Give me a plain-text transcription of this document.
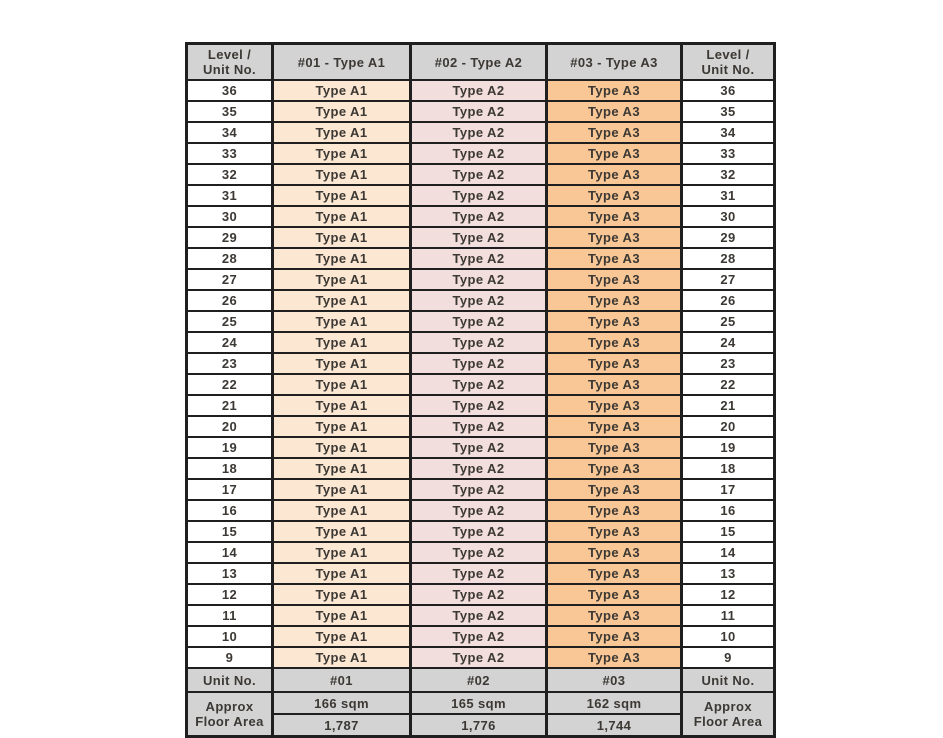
Level /
Unit No.	#01 - Type A1	#02 - Type A2	#03 - Type A3	Level /
Unit No.

36	Type A1	Type A2	Type A3	36
35	Type A1	Type A2	Type A3	35
34	Type A1	Type A2	Type A3	34
33	Type A1	Type A2	Type A3	33
32	Type A1	Type A2	Type A3	32
31	Type A1	Type A2	Type A3	31
30	Type A1	Type A2	Type A3	30
29	Type A1	Type A2	Type A3	29
28	Type A1	Type A2	Type A3	28
27	Type A1	Type A2	Type A3	27
26	Type A1	Type A2	Type A3	26
25	Type A1	Type A2	Type A3	25
24	Type A1	Type A2	Type A3	24
23	Type A1	Type A2	Type A3	23
22	Type A1	Type A2	Type A3	22
21	Type A1	Type A2	Type A3	21
20	Type A1	Type A2	Type A3	20
19	Type A1	Type A2	Type A3	19
18	Type A1	Type A2	Type A3	18
17	Type A1	Type A2	Type A3	17
16	Type A1	Type A2	Type A3	16
15	Type A1	Type A2	Type A3	15
14	Type A1	Type A2	Type A3	14
13	Type A1	Type A2	Type A3	13
12	Type A1	Type A2	Type A3	12
11	Type A1	Type A2	Type A3	11
10	Type A1	Type A2	Type A3	10
9	Type A1	Type A2	Type A3	9
Unit No.	#01	#02	#03	Unit No.

Approx
Floor Area	166 sqm	165 sqm	162 sqm	Approx
Floor Area

	1,787	1,776	1,744	
